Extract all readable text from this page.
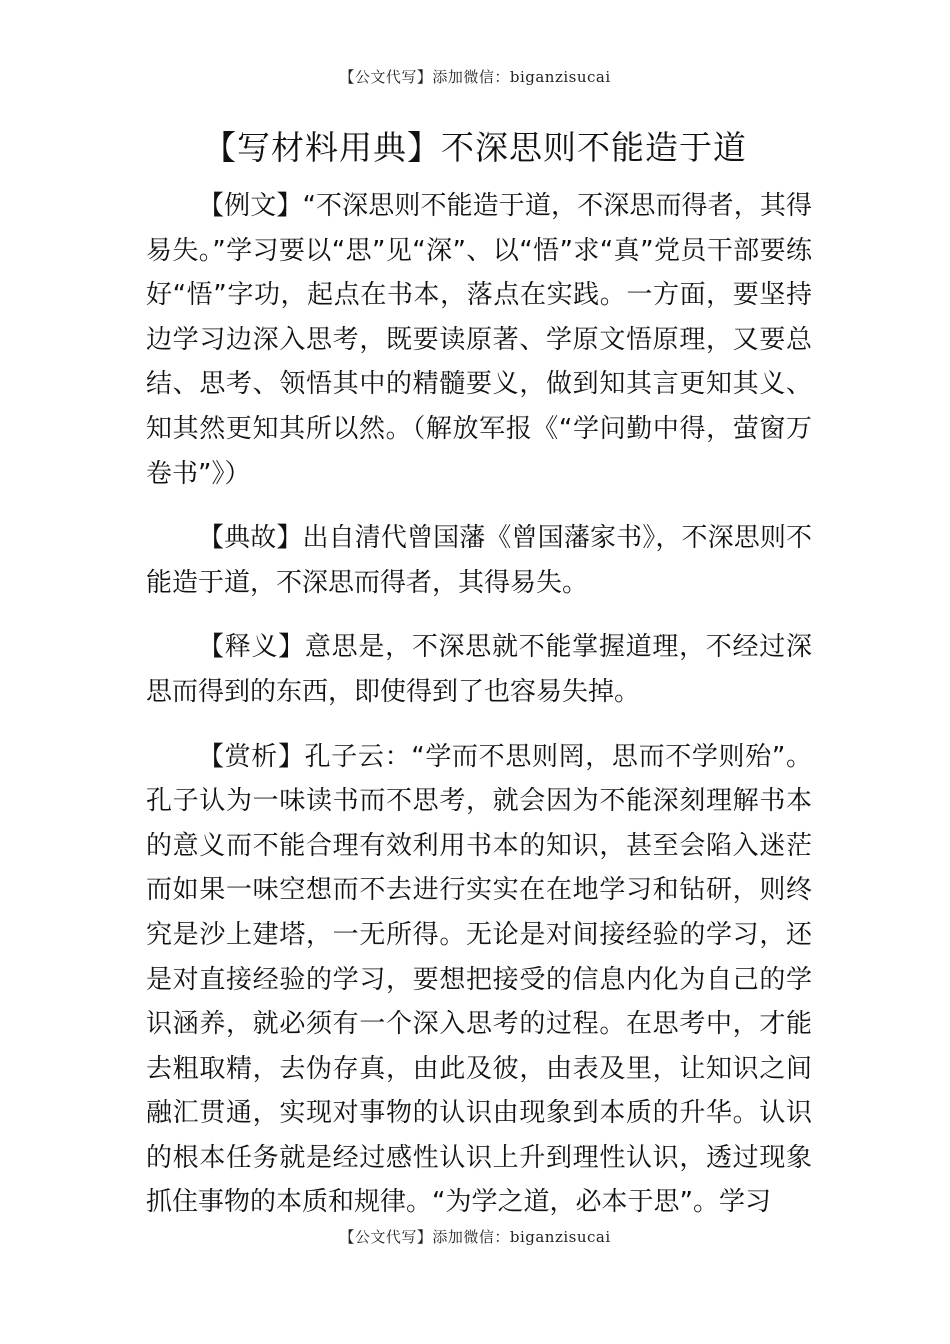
【公文代写】添加微信：biganzisucai
【写材料用典】不深思则不能造于道

【例文】“不深思则不能造于道，不深思而得者，其得易失。”学习要以“思”见“深”、以“悟”求“真”党员干部要练好“悟”字功，起点在书本，落点在实践。一方面，要坚持边学习边深入思考，既要读原著、学原文悟原理，又要总结、思考、领悟其中的精髓要义，做到知其言更知其义、知其然更知其所以然。（解放军报《“学问勤中得，萤窗万卷书”》）

【典故】出自清代曾国藩《曾国藩家书》，不深思则不能造于道，不深思而得者，其得易失。

【释义】意思是，不深思就不能掌握道理，不经过深思而得到的东西，即使得到了也容易失掉。

【赏析】孔子云：“学而不思则罔，思而不学则殆”。孔子认为一味读书而不思考，就会因为不能深刻理解书本的意义而不能合理有效利用书本的知识，甚至会陷入迷茫而如果一味空想而不去进行实实在在地学习和钻研，则终究是沙上建塔，一无所得。无论是对间接经验的学习，还是对直接经验的学习，要想把接受的信息内化为自己的学识涵养，就必须有一个深入思考的过程。在思考中，才能去粗取精，去伪存真，由此及彼，由表及里，让知识之间融汇贯通，实现对事物的认识由现象到本质的升华。认识的根本任务就是经过感性认识上升到理性认识，透过现象抓住事物的本质和规律。“为学之道，必本于思”。学习

【公文代写】添加微信：biganzisucai
